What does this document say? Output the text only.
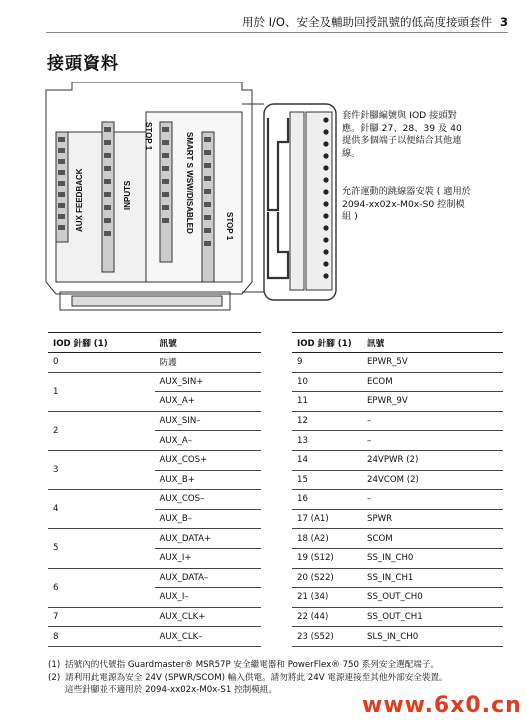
用於 I/O、安全及輔助回授訊號的低高度接頭套件 3
接頭資料
AUX FEEDBACK	INPUTS
STOP 1	SMART S WSW/DISABLED	STOP 1
套件針腳編號與 IOD 接頭對應。針腳 27、28、39 及 40 提供多個端子以便結合其他連線。
允許運動的跳線器安裝 ( 適用於 2094-xx02x-M0x-S0 控制模組 )
IOD 針腳 (1)	訊號
0	防護
1	AUX_SIN+
	AUX_A+
2	AUX_SIN–
	AUX_A–
3	AUX_COS+
	AUX_B+
4	AUX_COS–
	AUX_B–
5	AUX_DATA+
	AUX_I+
6	AUX_DATA–
	AUX_I–
7	AUX_CLK+
8	AUX_CLK–
IOD 針腳 (1)	訊號
9	EPWR_5V
10	ECOM
11	EPWR_9V
12	–
13	–
14	24VPWR (2)
15	24VCOM (2)
16	–
17 (A1)	SPWR
18 (A2)	SCOM
19 (S12)	SS_IN_CH0
20 (S22)	SS_IN_CH1
21 (34)	SS_OUT_CH0
22 (44)	SS_OUT_CH1
23 (S52)	SLS_IN_CH0
(1) 括號內的代號指 Guardmaster® MSR57P 安全繼電器和 PowerFlex® 750 系列安全選配端子。
(2) 請利用此電源為安全 24V (SPWR/SCOM) 輸入供電。請勿將此 24V 電源連接至其他外部安全裝置。
這些針腳並不適用於 2094-xx02x-M0x-S1 控制模組。
www.6x0.cn
